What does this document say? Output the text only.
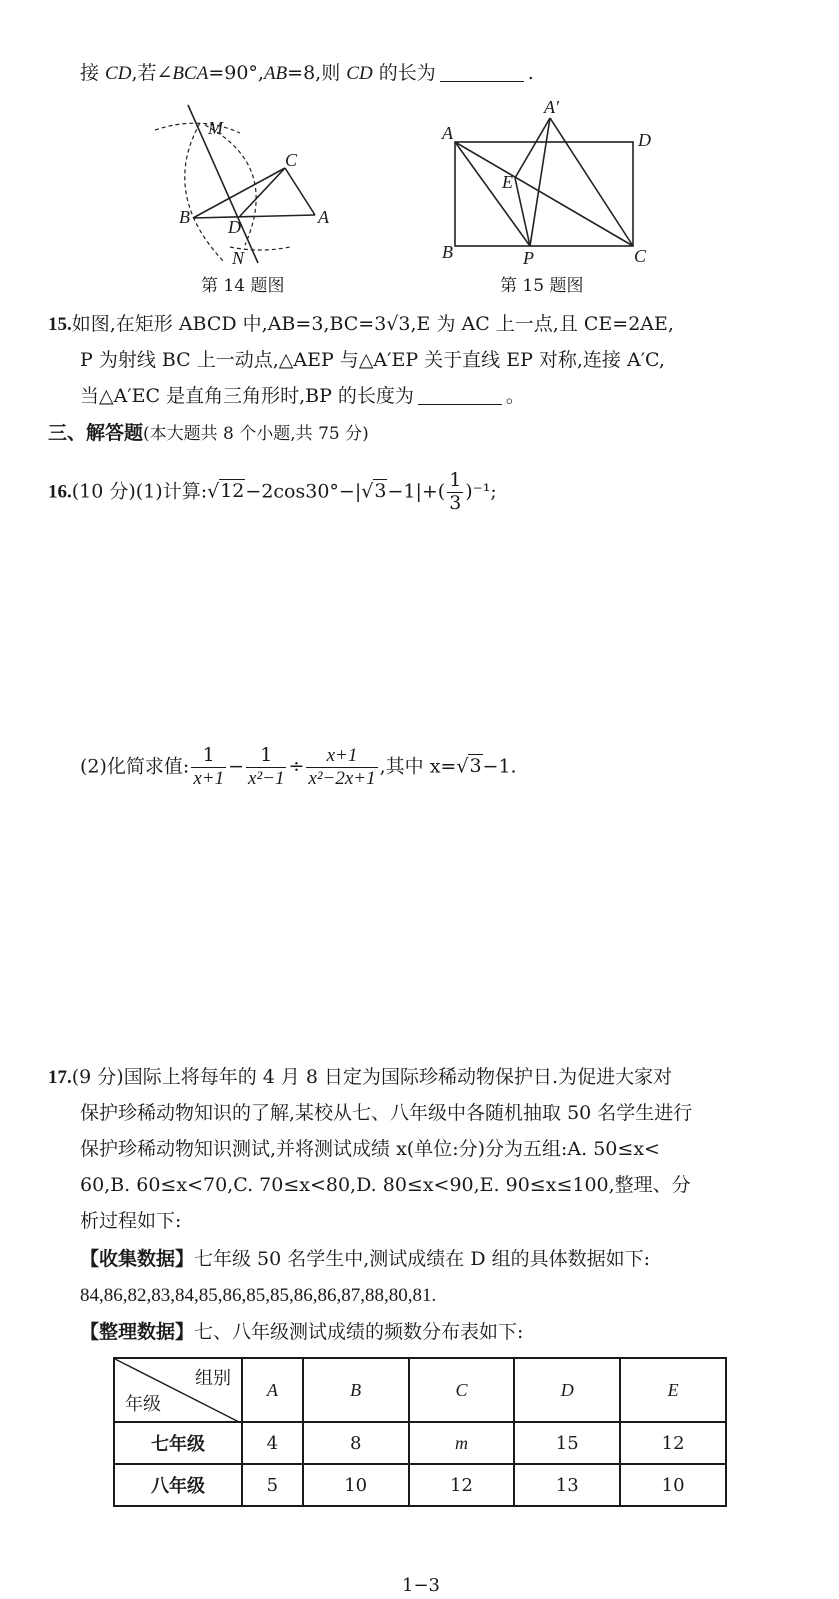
接 CD,若∠BCA=90°,AB=8,则 CD 的长为	.
M
C
B D	A
N
第 14 题图
A
A′
D
E
B	P	C
第 15 题图
15.如图,在矩形 ABCD 中,AB=3,BC=3√3,E 为 AC 上一点,且 CE=2AE,
P 为射线 BC 上一动点,△AEP 与△A′EP 关于直线 EP 对称,连接 A′C,
当△A′EC 是直角三角形时,BP 的长度为	。
三、解答题(本大题共 8 个小题,共 75 分)
16.(10 分)(1)计算:√12−2cos30°−|√3−1|+( $\frac{1}{3} )^{-1}$;
(2)化简求值: $\frac{1}{x+1} - \frac{1}{\text{x²−1}} \div \frac{x+1}{\text{x²−2x+1}}$ ,其中 x=√3−1.
17.(9 分)国际上将每年的 4 月 8 日定为国际珍稀动物保护日.为促进大家对
保护珍稀动物知识的了解,某校从七、八年级中各随机抽取 50 名学生进行
保护珍稀动物知识测试,并将测试成绩 x(单位:分)分为五组:A. 50≤x<
60,B. 60≤x<70,C. 70≤x<80,D. 80≤x<90,E. 90≤x≤100,整理、分
析过程如下:
【收集数据】七年级 50 名学生中,测试成绩在 D 组的具体数据如下:
84,86,82,83,84,85,86,85,85,86,86,87,88,80,81.
【整理数据】七、八年级测试成绩的频数分布表如下:
组别
年级	A	B	C	D	E
七年级	4	8	m	15	12
八年级	5	10	12	13	10
1−3
